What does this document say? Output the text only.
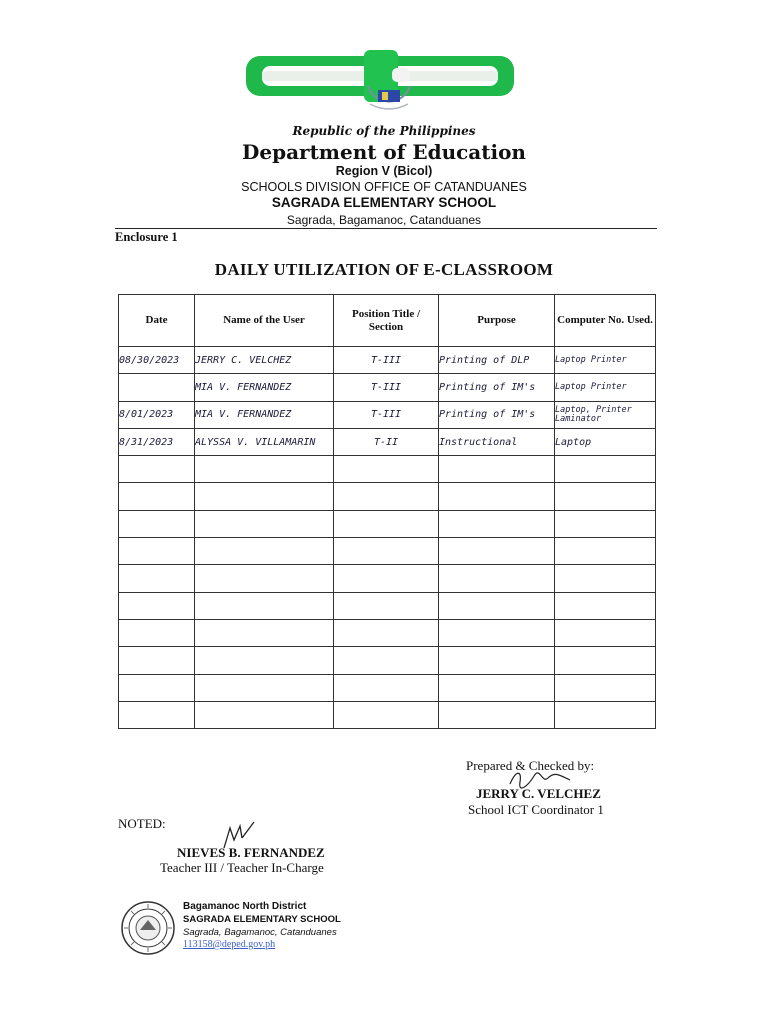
Republic of the Philippines
Department of Education
Region V (Bicol)
SCHOOLS DIVISION OFFICE OF CATANDUANES
SAGRADA ELEMENTARY SCHOOL
Sagrada, Bagamanoc, Catanduanes
Enclosure 1
DAILY UTILIZATION OF E-CLASSROOM
Date	Name of the User	Position Title / Section	Purpose	Computer No. Used.
08/30/2023	JERRY C. VELCHEZ	T-III	Printing of DLP	Laptop Printer
	MIA V. FERNANDEZ	T-III	Printing of IM's	Laptop Printer
8/01/2023	MIA V. FERNANDEZ	T-III	Printing of IM's	Laptop, Printer Laminator
8/31/2023	ALYSSA V. VILLAMARIN	T-II	Instructional	Laptop

Prepared & Checked by:
JERRY C. VELCHEZ
School ICT Coordinator 1
NOTED:
NIEVES B. FERNANDEZ
Teacher III / Teacher In-Charge
Bagamanoc North District
SAGRADA ELEMENTARY SCHOOL
Sagrada, Bagamanoc, Catanduanes
113158@deped.gov.ph
